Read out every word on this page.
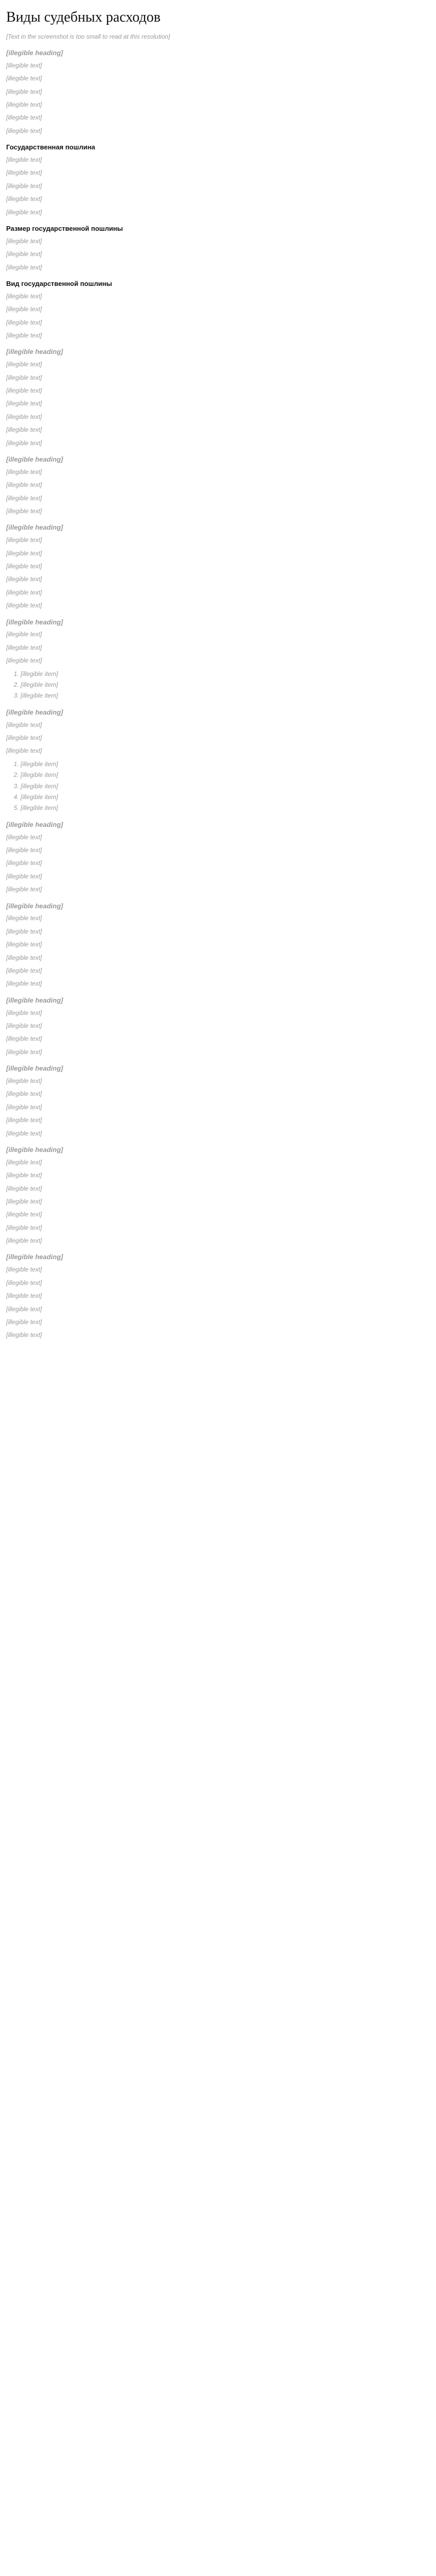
Виды судебных расходов

[Text in the screenshot is too small to read at this resolution]

[illegible heading]

[illegible text]

[illegible text]

[illegible text]

[illegible text]

[illegible text]

[illegible text]

Государственная пошлина

[illegible text]

[illegible text]

[illegible text]

[illegible text]

[illegible text]

Размер государственной пошлины

[illegible text]

[illegible text]

[illegible text]

Вид государственной пошлины

[illegible text]

[illegible text]

[illegible text]

[illegible text]

[illegible heading]

[illegible text]

[illegible text]

[illegible text]

[illegible text]

[illegible text]

[illegible text]

[illegible text]

[illegible heading]

[illegible text]

[illegible text]

[illegible text]

[illegible text]

[illegible heading]

[illegible text]

[illegible text]

[illegible text]

[illegible text]

[illegible text]

[illegible text]

[illegible heading]

[illegible text]

[illegible text]

[illegible text]

1. [illegible item]
2. [illegible item]
3. [illegible item]
[illegible heading]

[illegible text]

[illegible text]

[illegible text]

1. [illegible item]
2. [illegible item]
3. [illegible item]
4. [illegible item]
5. [illegible item]
[illegible heading]

[illegible text]

[illegible text]

[illegible text]

[illegible text]

[illegible text]

[illegible heading]

[illegible text]

[illegible text]

[illegible text]

[illegible text]

[illegible text]

[illegible text]

[illegible heading]

[illegible text]

[illegible text]

[illegible text]

[illegible text]

[illegible heading]

[illegible text]

[illegible text]

[illegible text]

[illegible text]

[illegible text]

[illegible heading]

[illegible text]

[illegible text]

[illegible text]

[illegible text]

[illegible text]

[illegible text]

[illegible text]

[illegible heading]

[illegible text]

[illegible text]

[illegible text]

[illegible text]

[illegible text]

[illegible text]
